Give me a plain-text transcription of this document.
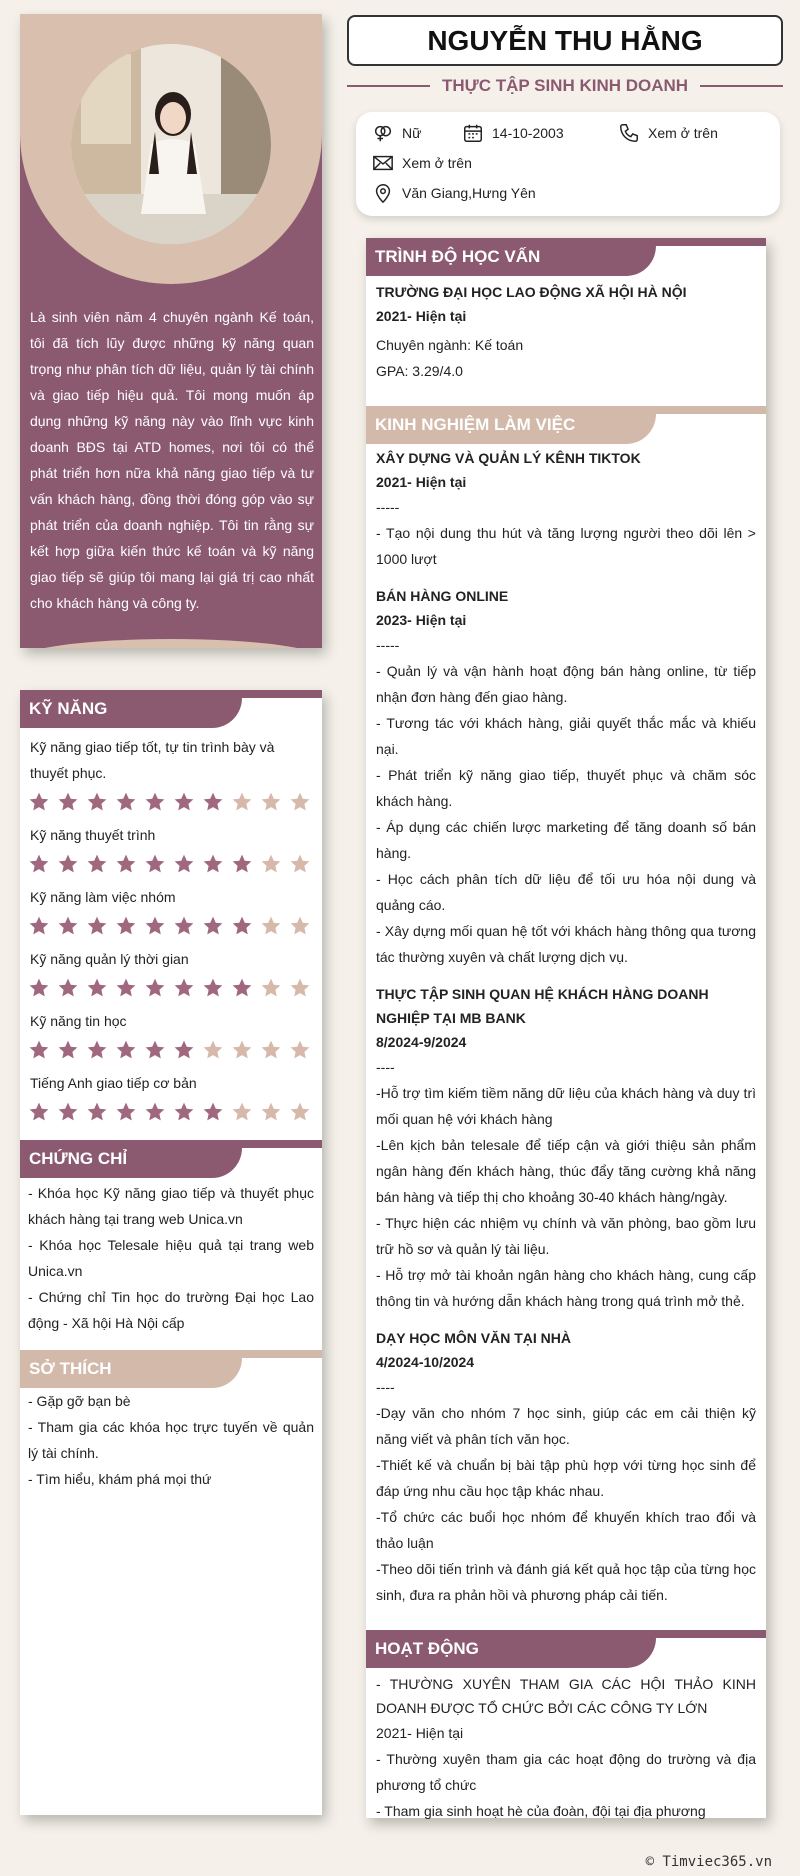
Là sinh viên năm 4 chuyên ngành Kế toán, tôi đã tích lũy được những kỹ năng quan trọng như phân tích dữ liệu, quản lý tài chính và giao tiếp hiệu quả. Tôi mong muốn áp dụng những kỹ năng này vào lĩnh vực kinh doanh BĐS tại ATD homes, nơi tôi có thể phát triển hơn nữa khả năng giao tiếp và tư vấn khách hàng, đồng thời đóng góp vào sự phát triển của doanh nghiệp. Tôi tin rằng sự kết hợp giữa kiến thức kế toán và kỹ năng giao tiếp sẽ giúp tôi mang lại giá trị cao nhất cho khách hàng và công ty.
KỸ NĂNG
Kỹ năng giao tiếp tốt, tự tin trình bày và thuyết phục.
Kỹ năng thuyết trình
Kỹ năng làm việc nhóm
Kỹ năng quản lý thời gian
Kỹ năng tin học
Tiếng Anh giao tiếp cơ bản
CHỨNG CHỈ
- Khóa học Kỹ năng giao tiếp và thuyết phục khách hàng tại trang web Unica.vn
- Khóa học Telesale hiệu quả tại trang web Unica.vn
- Chứng chỉ Tin học do trường Đại học Lao động - Xã hội Hà Nội cấp
SỞ THÍCH
- Gặp gỡ bạn bè
- Tham gia các khóa học trực tuyến về quản lý tài chính.
- Tìm hiểu, khám phá mọi thứ
NGUYỄN THU HẰNG
THỰC TẬP SINH KINH DOANH
Nữ	14-10-2003	Xem ở trên
Xem ở trên
Văn Giang,Hưng Yên
TRÌNH ĐỘ HỌC VẤN
TRƯỜNG ĐẠI HỌC LAO ĐỘNG XÃ HỘI HÀ NỘI
2021- Hiện tại
Chuyên ngành: Kế toán
GPA: 3.29/4.0
KINH NGHIỆM LÀM VIỆC
XÂY DỰNG VÀ QUẢN LÝ KÊNH TIKTOK
2021- Hiện tại
-----
- Tạo nội dung thu hút và tăng lượng người theo dõi lên > 1000 lượt
BÁN HÀNG ONLINE
2023- Hiện tại
-----
- Quản lý và vận hành hoạt động bán hàng online, từ tiếp nhận đơn hàng đến giao hàng.
- Tương tác với khách hàng, giải quyết thắc mắc và khiếu nại.
- Phát triển kỹ năng giao tiếp, thuyết phục và chăm sóc khách hàng.
- Áp dụng các chiến lược marketing để tăng doanh số bán hàng.
- Học cách phân tích dữ liệu để tối ưu hóa nội dung và quảng cáo.
- Xây dựng mối quan hệ tốt với khách hàng thông qua tương tác thường xuyên và chất lượng dịch vụ.
THỰC TẬP SINH QUAN HỆ KHÁCH HÀNG DOANH NGHIỆP TẠI MB BANK
8/2024-9/2024
----
-Hỗ trợ tìm kiếm tiềm năng dữ liệu của khách hàng và duy trì mối quan hệ với khách hàng
-Lên kịch bản telesale để tiếp cận và giới thiệu sản phẩm ngân hàng đến khách hàng, thúc đẩy tăng cường khả năng bán hàng và tiếp thị cho khoảng 30-40 khách hàng/ngày.
- Thực hiện các nhiệm vụ chính và văn phòng, bao gồm lưu trữ hồ sơ và quản lý tài liệu.
- Hỗ trợ mở tài khoản ngân hàng cho khách hàng, cung cấp thông tin và hướng dẫn khách hàng trong quá trình mở thẻ.
DẠY HỌC MÔN VĂN TẠI NHÀ
4/2024-10/2024
----
-Dạy văn cho nhóm 7 học sinh, giúp các em cải thiện kỹ năng viết và phân tích văn học.
-Thiết kế và chuẩn bị bài tập phù hợp với từng học sinh để đáp ứng nhu cầu học tập khác nhau.
-Tổ chức các buổi học nhóm để khuyến khích trao đổi và thảo luận
-Theo dõi tiến trình và đánh giá kết quả học tập của từng học sinh, đưa ra phản hồi và phương pháp cải tiến.
HOẠT ĐỘNG
- THƯỜNG XUYÊN THAM GIA CÁC HỘI THẢO KINH DOANH ĐƯỢC TỔ CHỨC BỞI CÁC CÔNG TY LỚN
2021- Hiện tại
- Thường xuyên tham gia các hoạt động do trường và địa phương tổ chức
- Tham gia sinh hoạt hè của đoàn, đội tại địa phương
© Timviec365.vn
